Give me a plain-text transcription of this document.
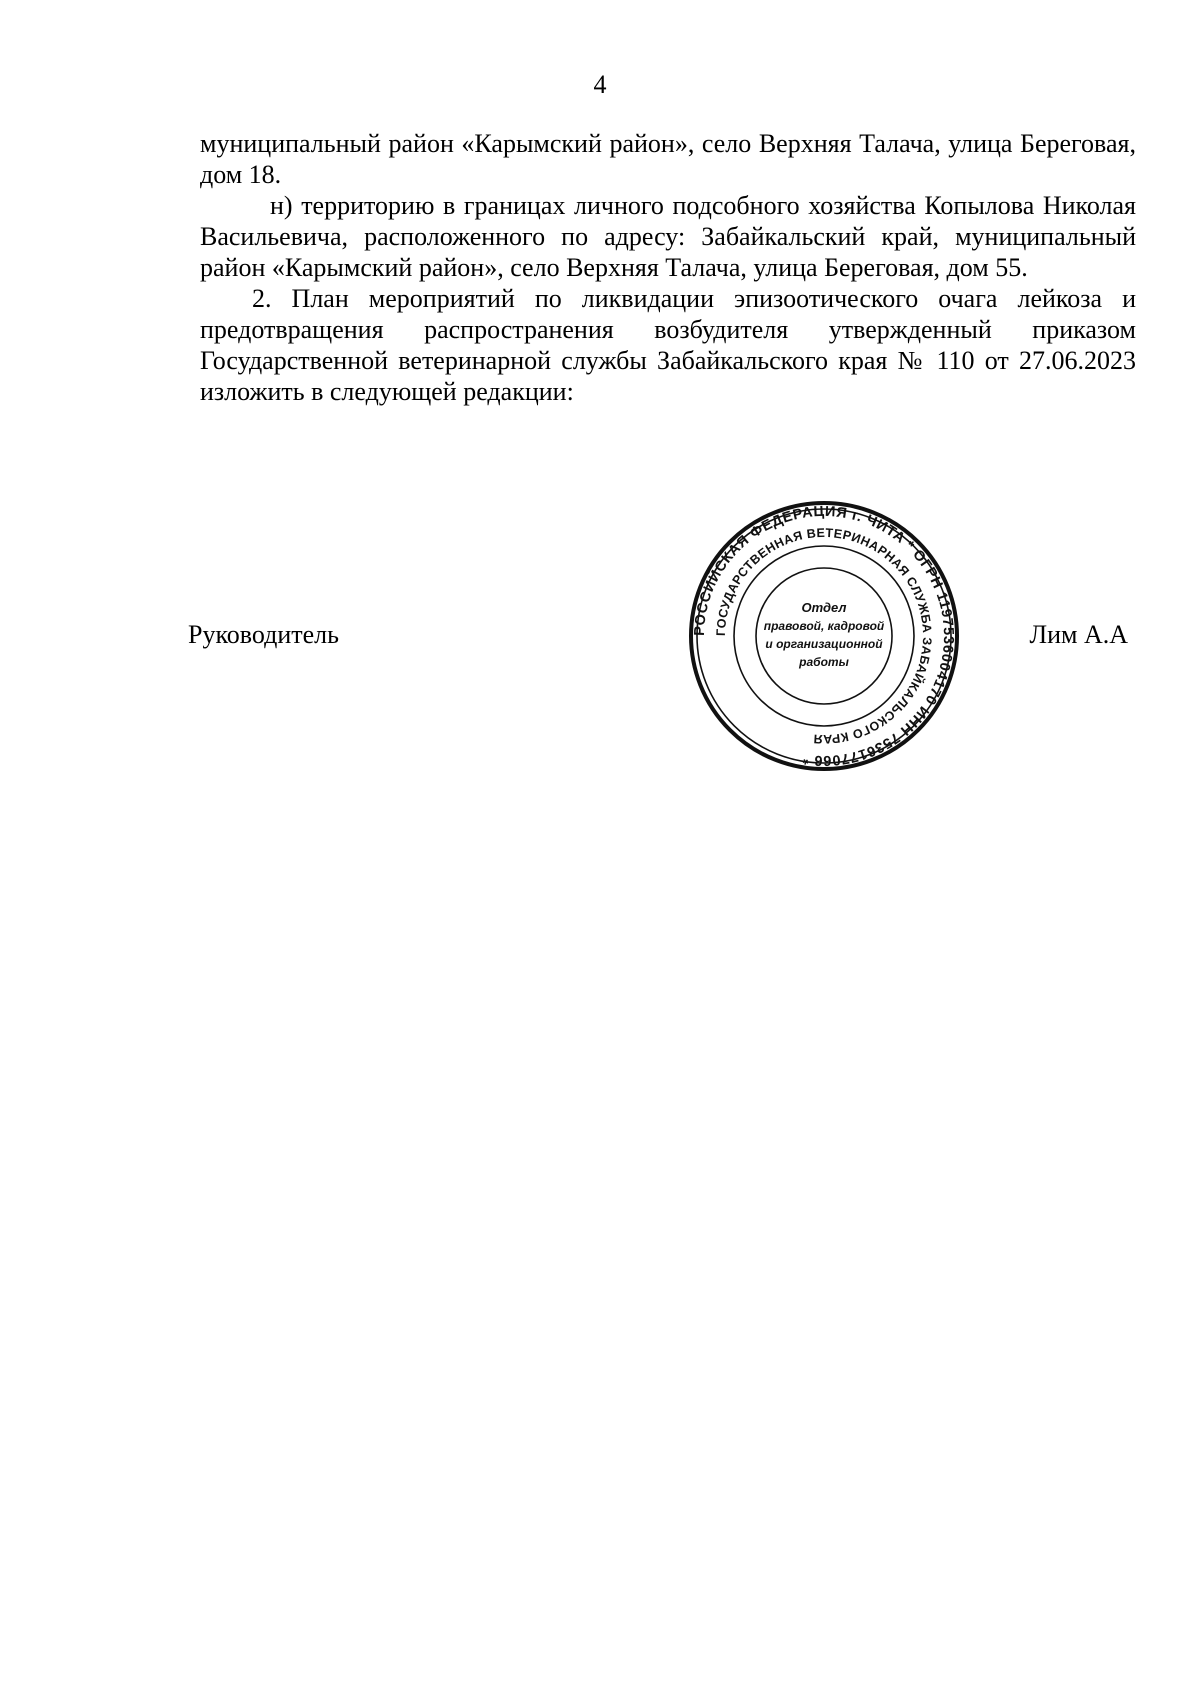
4

муниципальный район «Карымский район», село Верхняя Талача, улица Береговая, дом 18.

н) территорию в границах личного подсобного хозяйства Копылова Николая Васильевича, расположенного по адресу: Забайкальский край, муниципальный район «Карымский район», село Верхняя Талача, улица Береговая, дом 55.

2. План мероприятий по ликвидации эпизоотического очага лейкоза и предотвращения распространения возбудителя утвержденный приказом Государственной ветеринарной службы Забайкальского края № 110 от 27.06.2023 изложить в следующей редакции:

Руководитель	Лим А.А
РОССИЙСКАЯ ФЕДЕРАЦИЯ г. ЧИТА * ОГРН 1197536004170 ИНН 7536177066 *
ГОСУДАРСТВЕННАЯ ВЕТЕРИНАРНАЯ СЛУЖБА ЗАБАЙКАЛЬСКОГО КРАЯ
Отдел
правовой, кадровой
и организационной
работы
